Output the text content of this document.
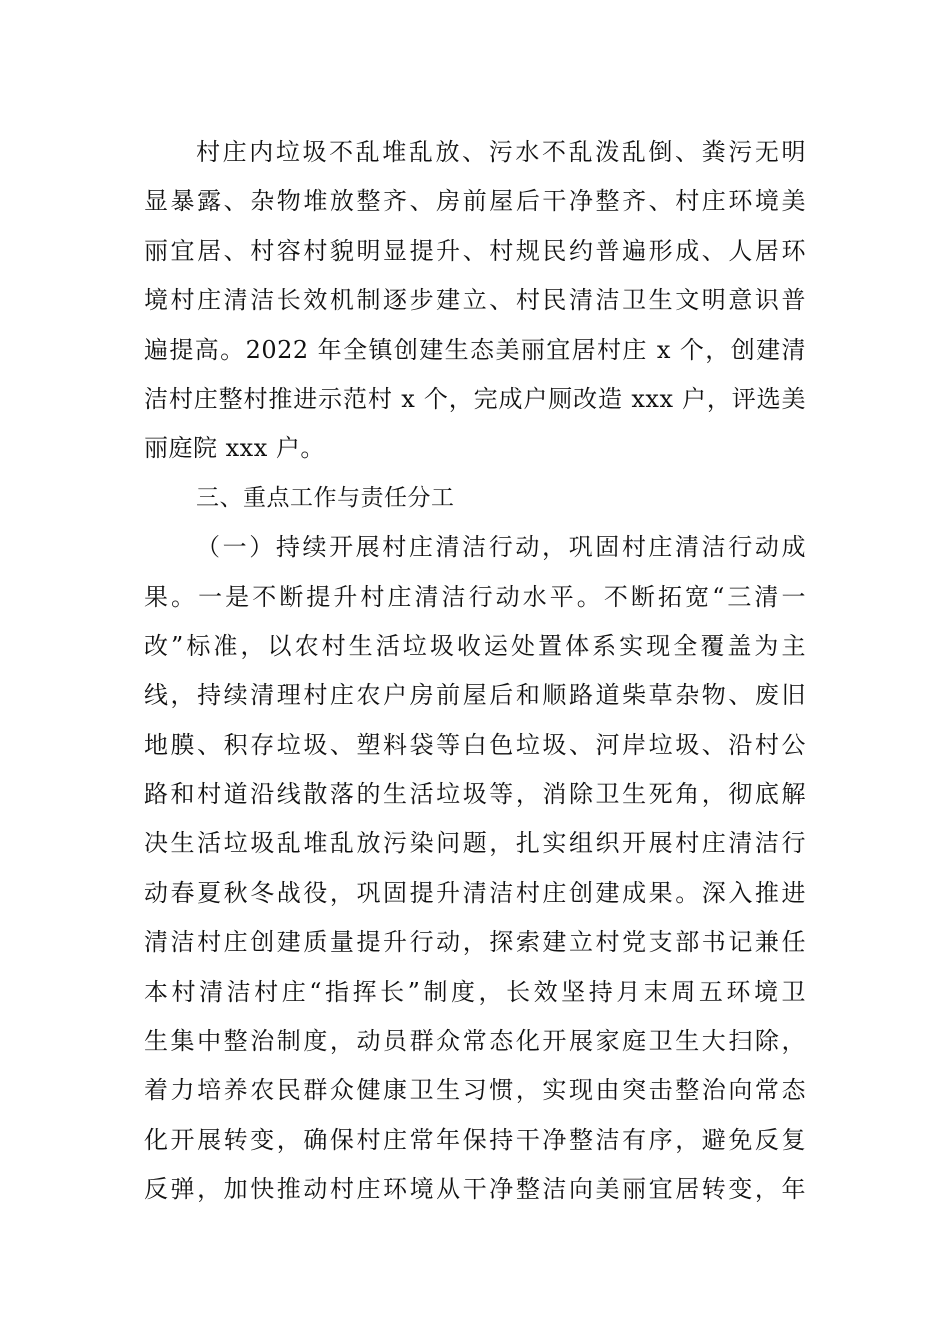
村庄内垃圾不乱堆乱放、污水不乱泼乱倒、粪污无明
显暴露、杂物堆放整齐、房前屋后干净整齐、村庄环境美
丽宜居、村容村貌明显提升、村规民约普遍形成、人居环
境村庄清洁长效机制逐步建立、村民清洁卫生文明意识普
遍提高。2022 年全镇创建生态美丽宜居村庄 x 个，创建清
洁村庄整村推进示范村 x 个，完成户厕改造 xxx 户，评选美
丽庭院 xxx 户。
三、重点工作与责任分工
（一）持续开展村庄清洁行动，巩固村庄清洁行动成
果。一是不断提升村庄清洁行动水平。不断拓宽“三清一
改”标准，以农村生活垃圾收运处置体系实现全覆盖为主
线，持续清理村庄农户房前屋后和顺路道柴草杂物、废旧
地膜、积存垃圾、塑料袋等白色垃圾、河岸垃圾、沿村公
路和村道沿线散落的生活垃圾等，消除卫生死角，彻底解
决生活垃圾乱堆乱放污染问题，扎实组织开展村庄清洁行
动春夏秋冬战役，巩固提升清洁村庄创建成果。深入推进
清洁村庄创建质量提升行动，探索建立村党支部书记兼任
本村清洁村庄“指挥长”制度，长效坚持月末周五环境卫
生集中整治制度，动员群众常态化开展家庭卫生大扫除，
着力培养农民群众健康卫生习惯，实现由突击整治向常态
化开展转变，确保村庄常年保持干净整洁有序，避免反复
反弹，加快推动村庄环境从干净整洁向美丽宜居转变，年
